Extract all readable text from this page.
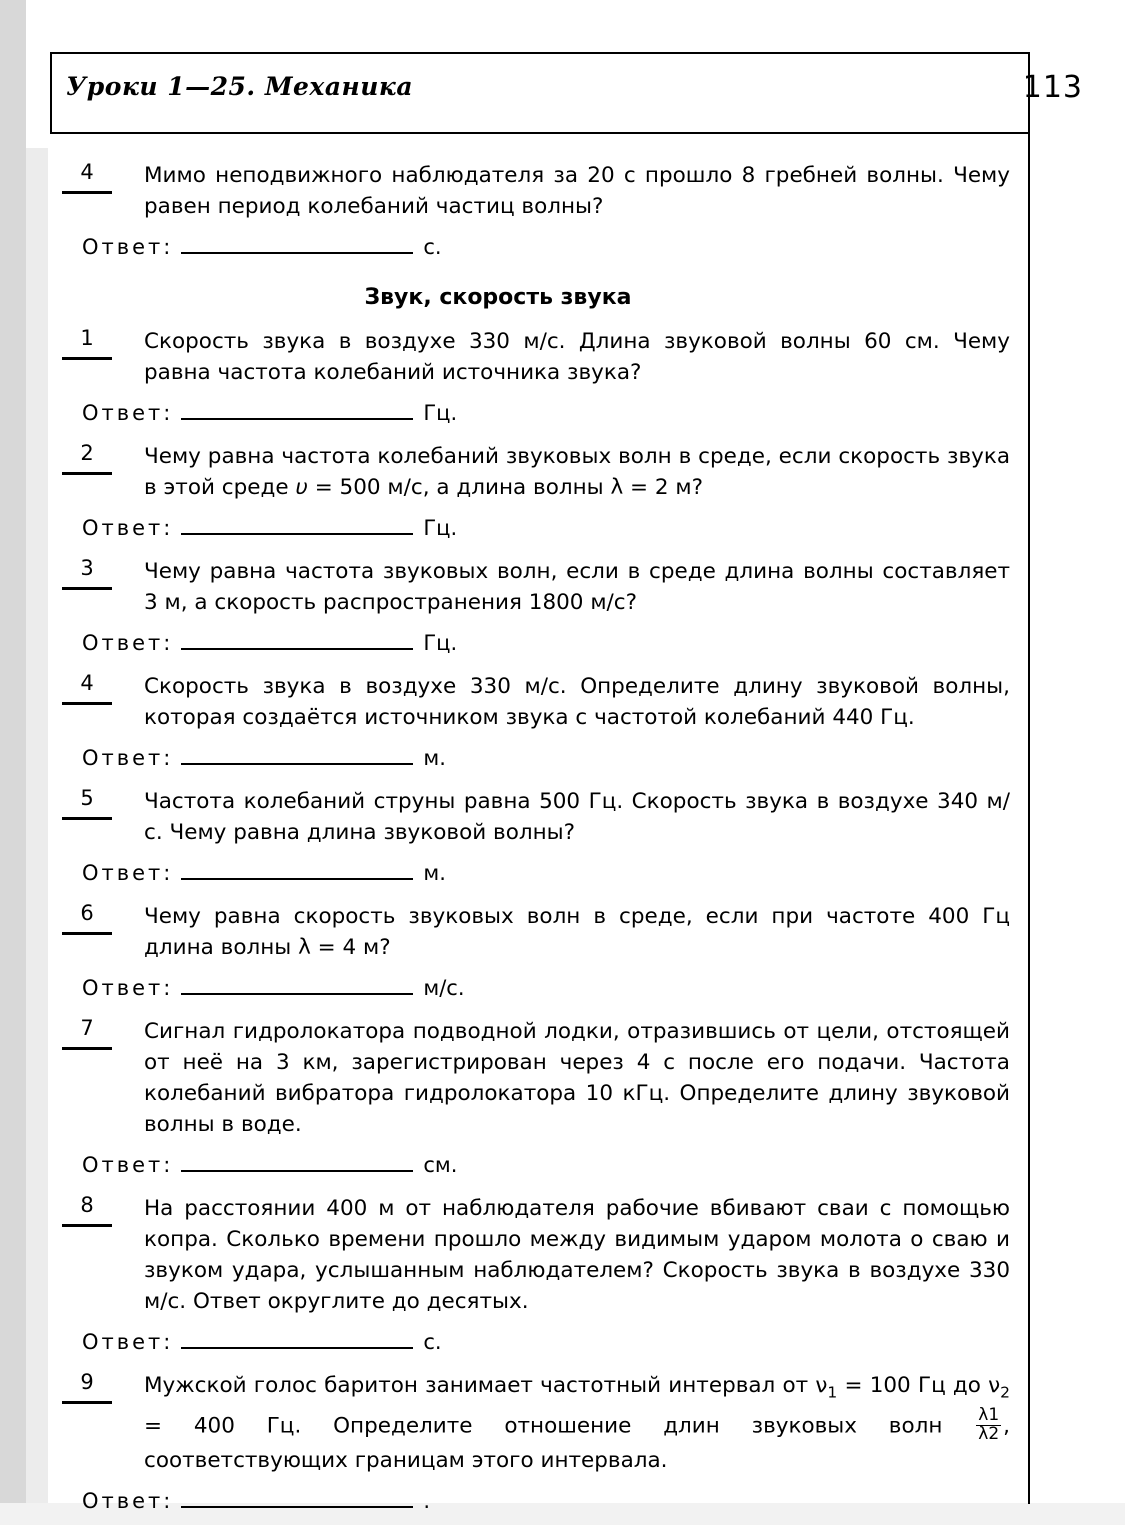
Уроки 1—25. Механика	113
4	Мимо неподвижного наблюдателя за 20 с прошло 8 гребней волны. Чему равен период колебаний частиц волны?

Ответ:	с.
Звук, скорость звука
1	Скорость звука в воздухе 330 м/с. Длина звуковой волны 60 см. Чему равна частота колебаний источника звука?

Ответ:	Гц.
2	Чему равна частота колебаний звуковых волн в среде, если скорость звука в этой среде υ = 500 м/с, а длина волны λ = 2 м?

Ответ:	Гц.
3	Чему равна частота звуковых волн, если в среде длина волны составляет 3 м, а скорость распространения 1800 м/с?

Ответ:	Гц.
4	Скорость звука в воздухе 330 м/с. Определите длину звуковой волны, которая создаётся источником звука с частотой колебаний 440 Гц.

Ответ:	м.
5	Частота колебаний струны равна 500 Гц. Скорость звука в воздухе 340 м/с. Чему равна длина звуковой волны?

Ответ:	м.
6	Чему равна скорость звуковых волн в среде, если при частоте 400 Гц длина волны λ = 4 м?

Ответ:	м/с.
7	Сигнал гидролокатора подводной лодки, отразившись от цели, отстоящей от неё на 3 км, зарегистрирован через 4 с после его подачи. Частота колебаний вибратора гидролокатора 10 кГц. Определите длину звуковой волны в воде.

Ответ:	см.
8	На расстоянии 400 м от наблюдателя рабочие вбивают сваи с помощью копра. Сколько времени прошло между видимым ударом молота о сваю и звуком удара, услышанным наблюдателем? Скорость звука в воздухе 330 м/с. Ответ округлите до десятых.

Ответ:	с.
9	Мужской голос баритон занимает частотный интервал от $\nu_1 = 100$ Гц до $\nu_2 = 400$ Гц. Определите отношение длин звуковых волн $\frac{\lambda 1}{\lambda 2}$ , соответствующих границам этого интервала.

Ответ:	.
